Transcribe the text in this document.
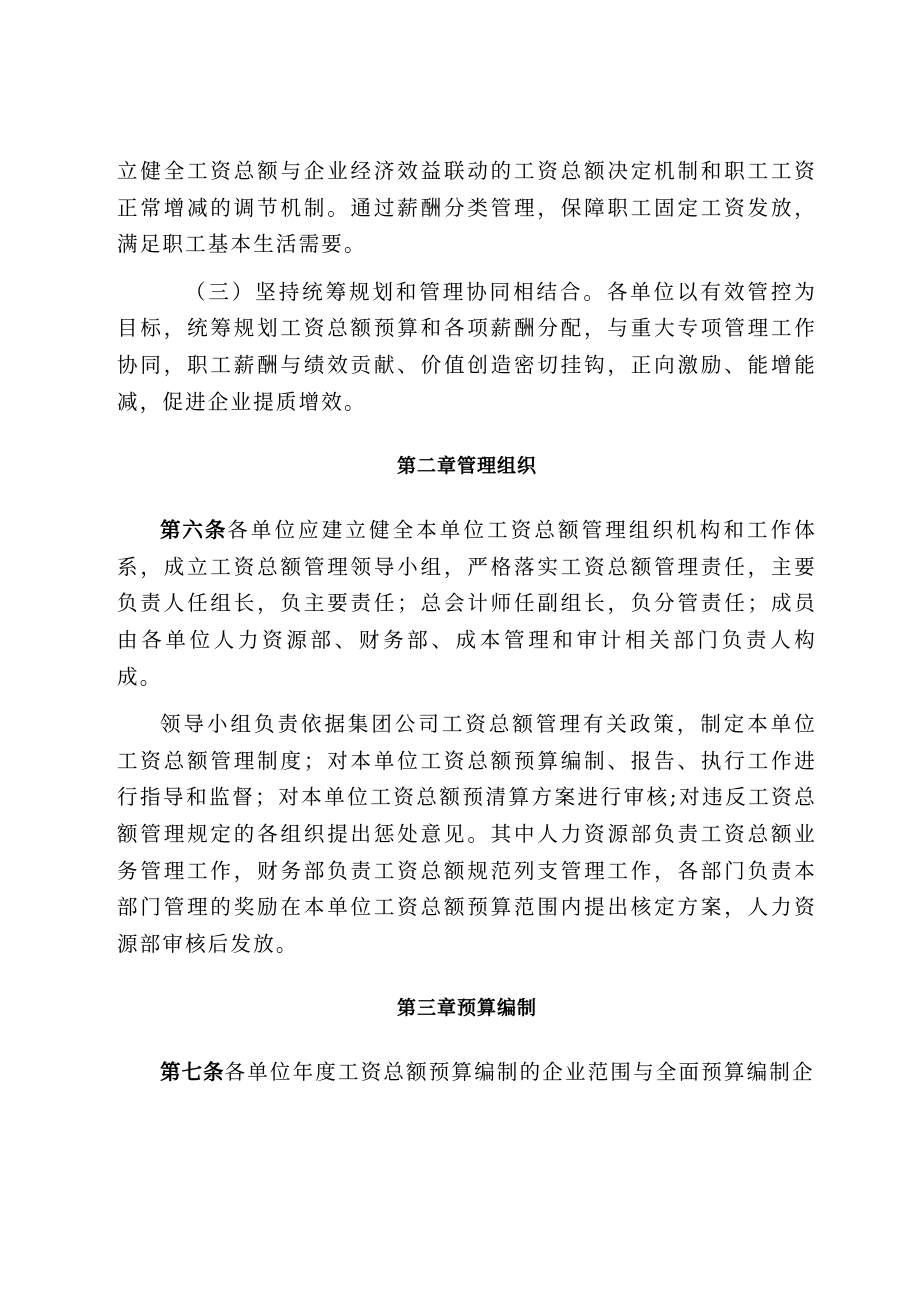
立健全工资总额与企业经济效益联动的工资总额决定机制和职工工资正常增减的调节机制。通过薪酬分类管理，保障职工固定工资发放，满足职工基本生活需要。

（三）坚持统筹规划和管理协同相结合。各单位以有效管控为目标，统筹规划工资总额预算和各项薪酬分配，与重大专项管理工作协同，职工薪酬与绩效贡献、价值创造密切挂钩，正向激励、能增能减，促进企业提质增效。

第二章管理组织

第六条各单位应建立健全本单位工资总额管理组织机构和工作体系，成立工资总额管理领导小组，严格落实工资总额管理责任，主要负责人任组长，负主要责任；总会计师任副组长，负分管责任；成员由各单位人力资源部、财务部、成本管理和审计相关部门负责人构成。

领导小组负责依据集团公司工资总额管理有关政策，制定本单位工资总额管理制度；对本单位工资总额预算编制、报告、执行工作进行指导和监督；对本单位工资总额预清算方案进行审核;对违反工资总额管理规定的各组织提出惩处意见。其中人力资源部负责工资总额业务管理工作，财务部负责工资总额规范列支管理工作，各部门负责本部门管理的奖励在本单位工资总额预算范围内提出核定方案，人力资源部审核后发放。

第三章预算编制

第七条各单位年度工资总额预算编制的企业范围与全面预算编制企
